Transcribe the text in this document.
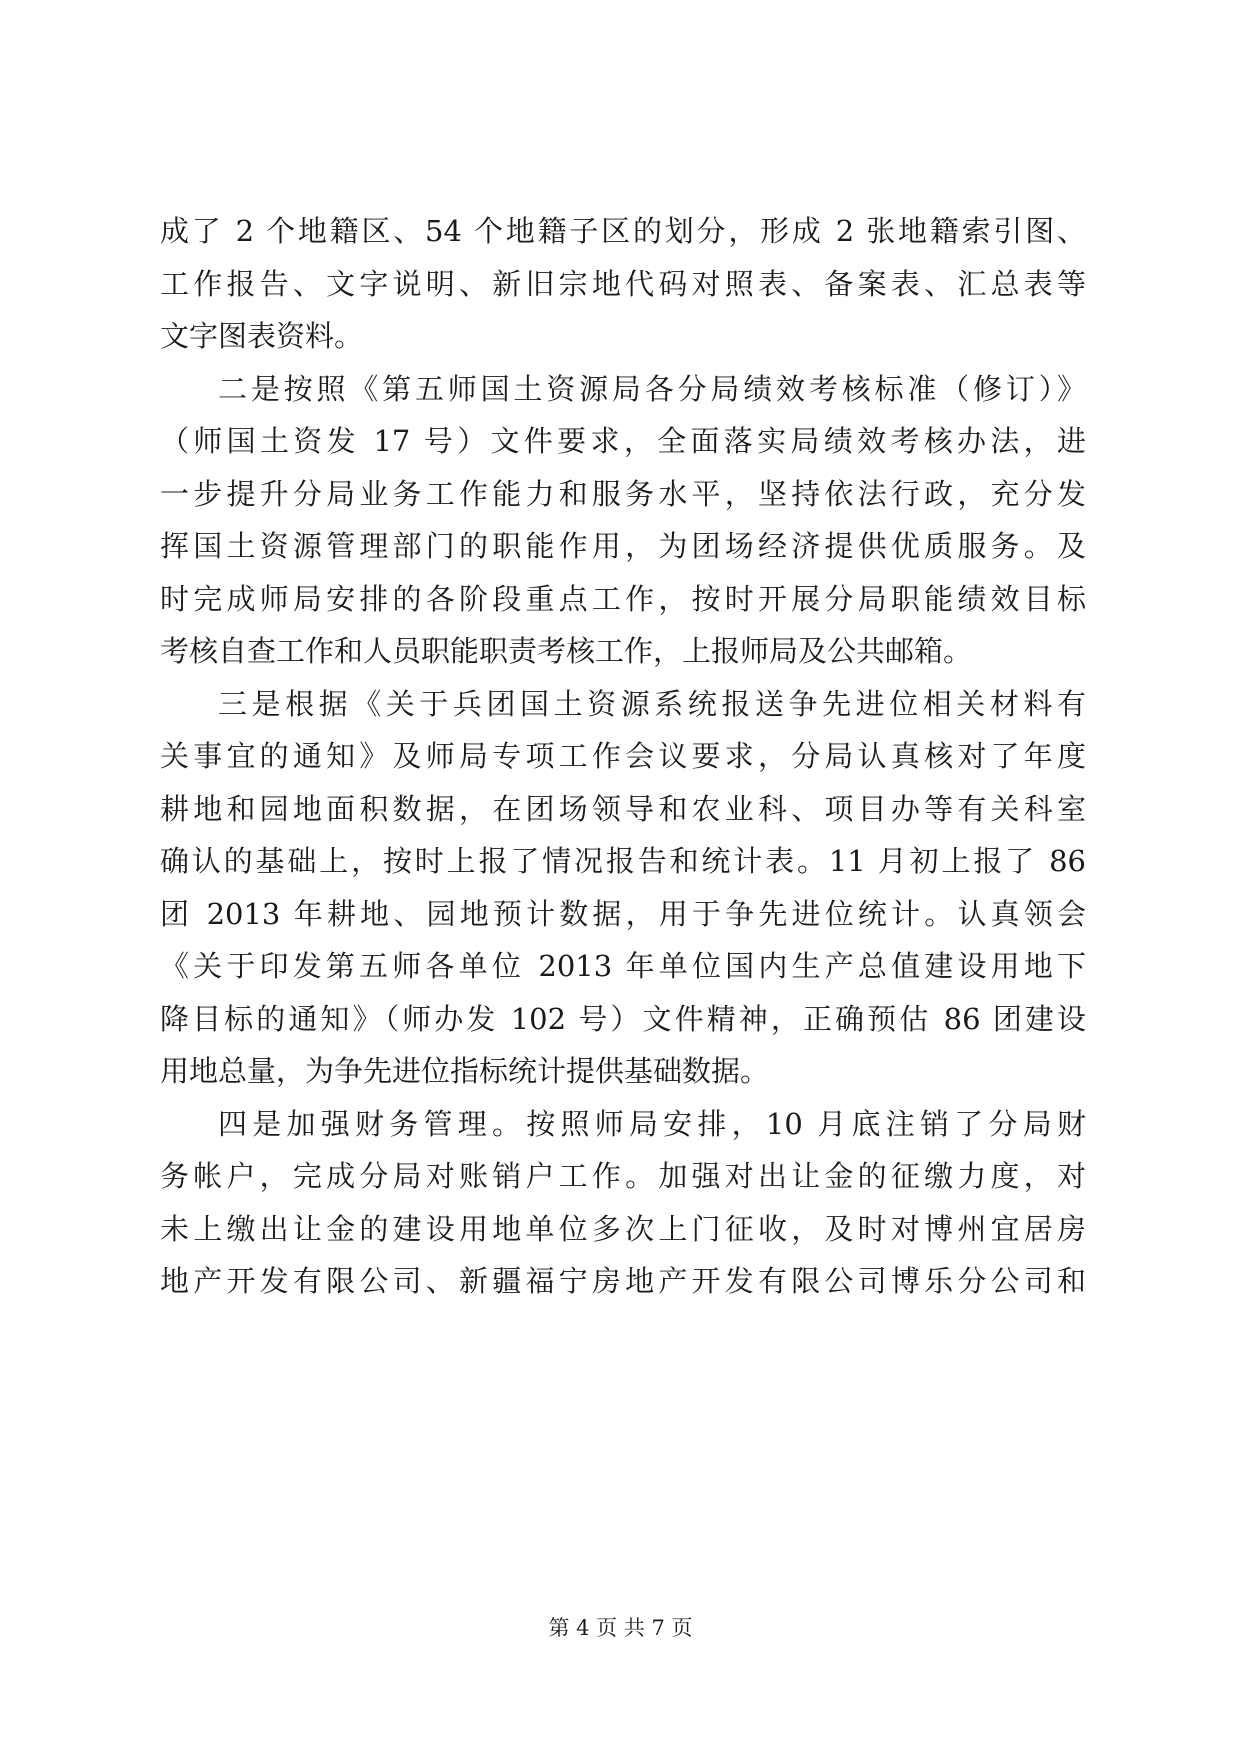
成了 2 个地籍区、54 个地籍子区的划分，形成 2 张地籍索引图、
工作报告、文字说明、新旧宗地代码对照表、备案表、汇总表等
文字图表资料。
二是按照《第五师国土资源局各分局绩效考核标准（修订）》
（师国土资发 17 号）文件要求，全面落实局绩效考核办法，进
一步提升分局业务工作能力和服务水平，坚持依法行政，充分发
挥国土资源管理部门的职能作用，为团场经济提供优质服务。及
时完成师局安排的各阶段重点工作，按时开展分局职能绩效目标
考核自查工作和人员职能职责考核工作，上报师局及公共邮箱。
三是根据《关于兵团国土资源系统报送争先进位相关材料有
关事宜的通知》及师局专项工作会议要求，分局认真核对了年度
耕地和园地面积数据，在团场领导和农业科、项目办等有关科室
确认的基础上，按时上报了情况报告和统计表。11 月初上报了 86
团 2013 年耕地、园地预计数据，用于争先进位统计。认真领会
《关于印发第五师各单位 2013 年单位国内生产总值建设用地下
降目标的通知》（师办发 102 号）文件精神，正确预估 86 团建设
用地总量，为争先进位指标统计提供基础数据。
四是加强财务管理。按照师局安排，10 月底注销了分局财
务帐户，完成分局对账销户工作。加强对出让金的征缴力度，对
未上缴出让金的建设用地单位多次上门征收，及时对博州宜居房
地产开发有限公司、新疆福宁房地产开发有限公司博乐分公司和
第 4 页 共 7 页
